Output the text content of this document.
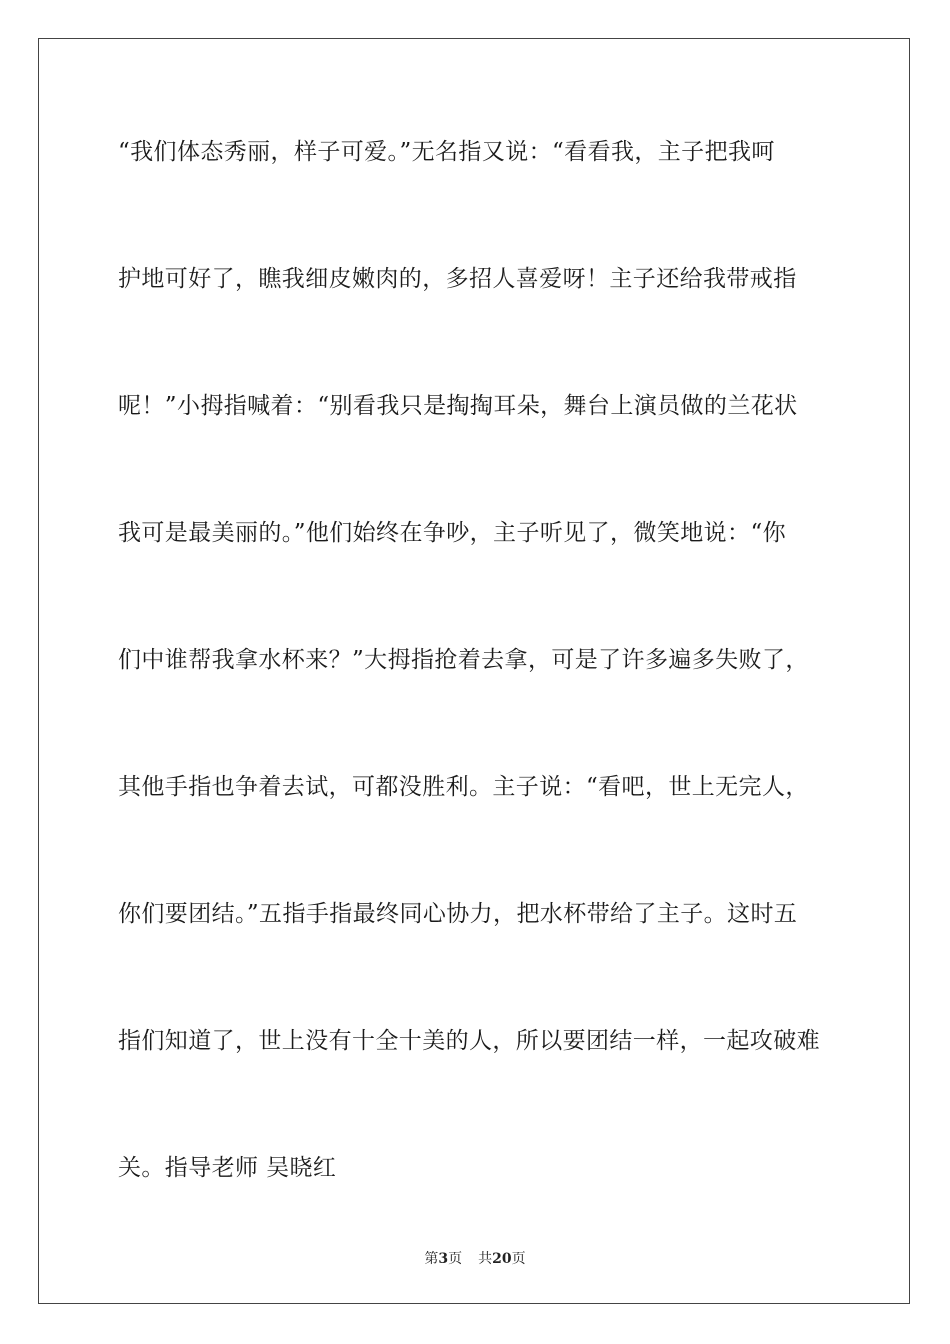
“我们体态秀丽，样子可爱。”无名指又说：“看看我，主子把我呵
护地可好了，瞧我细皮嫩肉的，多招人喜爱呀！主子还给我带戒指
呢！”小拇指喊着：“别看我只是掏掏耳朵，舞台上演员做的兰花状
我可是最美丽的。”他们始终在争吵，主子听见了，微笑地说：“你
们中谁帮我拿水杯来？”大拇指抢着去拿，可是了许多遍多失败了，
其他手指也争着去试，可都没胜利。主子说：“看吧，世上无完人，
你们要团结。”五指手指最终同心协力，把水杯带给了主子。这时五
指们知道了，世上没有十全十美的人，所以要团结一样，一起攻破难
关。指导老师 吴晓红
第3页 共20页
